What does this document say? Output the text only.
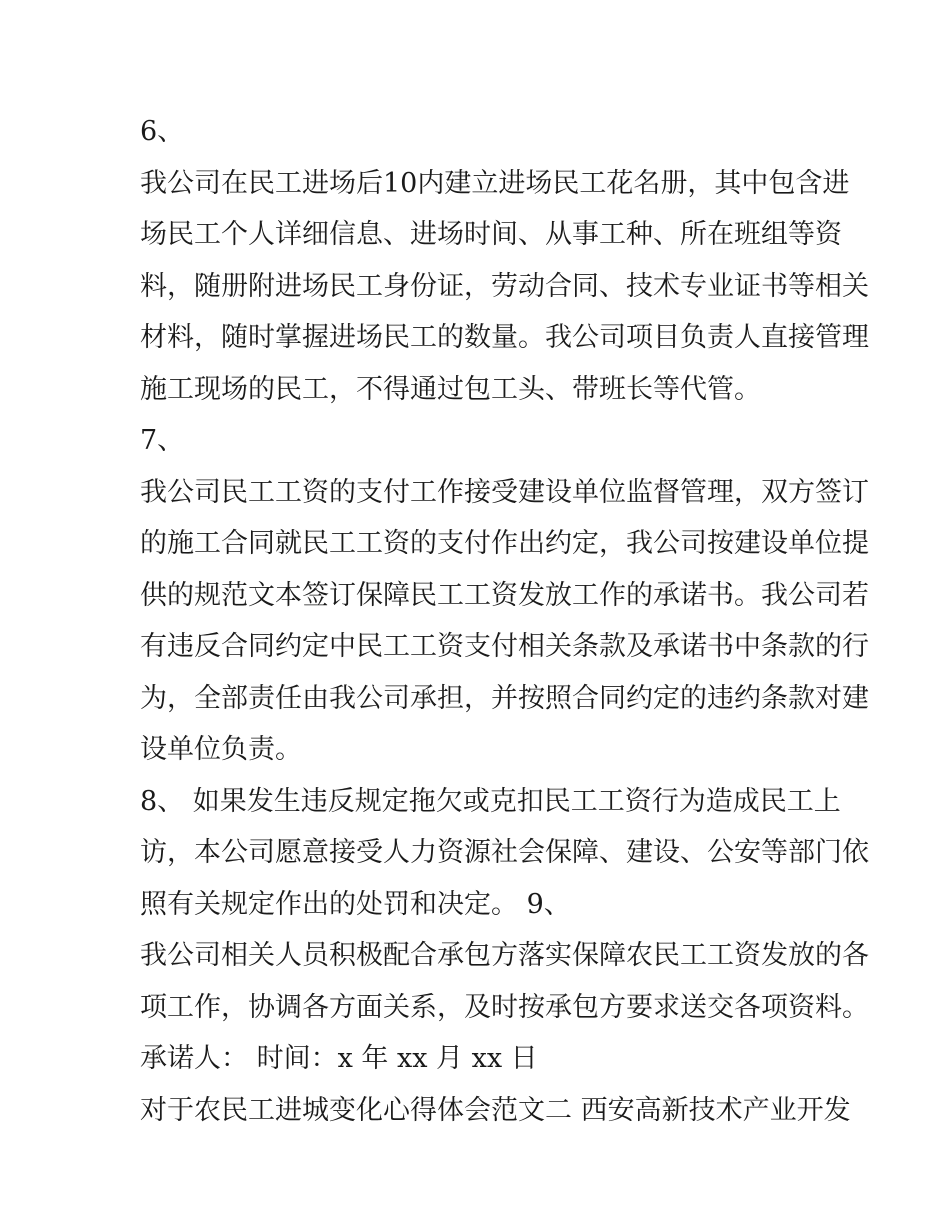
6、
我公司在民工进场后10内建立进场民工花名册，其中包含进
场民工个人详细信息、进场时间、从事工种、所在班组等资
料，随册附进场民工身份证，劳动合同、技术专业证书等相关
材料，随时掌握进场民工的数量。我公司项目负责人直接管理
施工现场的民工，不得通过包工头、带班长等代管。
7、
我公司民工工资的支付工作接受建设单位监督管理，双方签订
的施工合同就民工工资的支付作出约定，我公司按建设单位提
供的规范文本签订保障民工工资发放工作的承诺书。我公司若
有违反合同约定中民工工资支付相关条款及承诺书中条款的行
为，全部责任由我公司承担，并按照合同约定的违约条款对建
设单位负责。
8、 如果发生违反规定拖欠或克扣民工工资行为造成民工上
访，本公司愿意接受人力资源社会保障、建设、公安等部门依
照有关规定作出的处罚和决定。 9、
我公司相关人员积极配合承包方落实保障农民工工资发放的各
项工作，协调各方面关系，及时按承包方要求送交各项资料。
承诺人： 时间：x 年 xx 月 xx 日
对于农民工进城变化心得体会范文二 西安高新技术产业开发
